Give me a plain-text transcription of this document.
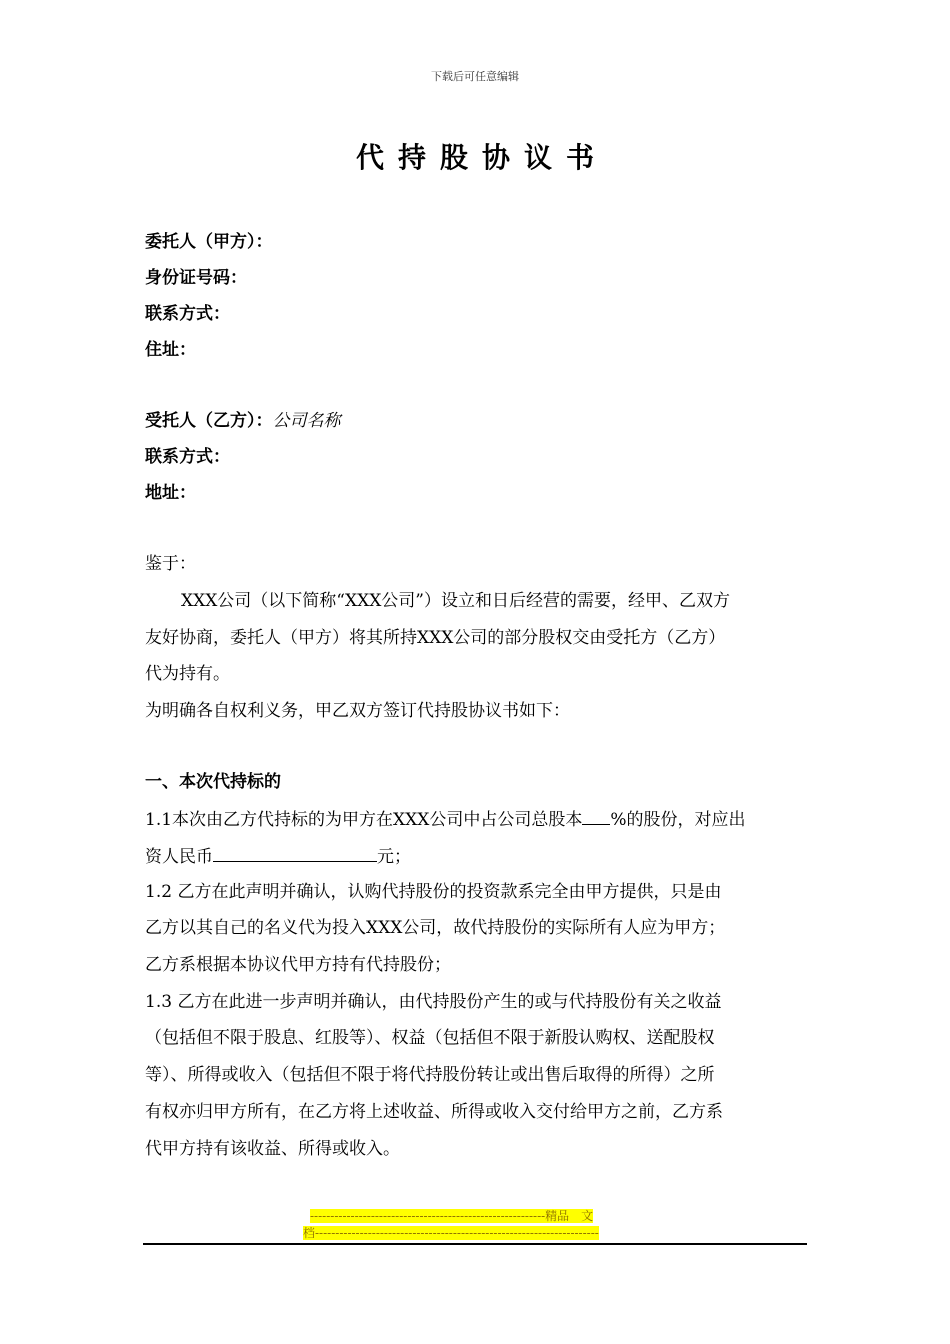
下载后可任意编辑
代持股协议书
委托人（甲方）：
身份证号码：
联系方式：
住址：
受托人（乙方）：公司名称
联系方式：
地址：
鉴于：
XXX公司（以下简称“XXX公司”）设立和日后经营的需要，经甲、乙双方
友好协商，委托人（甲方）将其所持XXX公司的部分股权交由受托方（乙方）
代为持有。
为明确各自权利义务，甲乙双方签订代持股协议书如下：
一、本次代持标的
1.1本次由乙方代持标的为甲方在XXX公司中占公司总股本 %的股份，对应出
资人民币	元；
1.2 乙方在此声明并确认，认购代持股份的投资款系完全由甲方提供，只是由
乙方以其自己的名义代为投入XXX公司，故代持股份的实际所有人应为甲方；
乙方系根据本协议代甲方持有代持股份；
1.3 乙方在此进一步声明并确认，由代持股份产生的或与代持股份有关之收益
（包括但不限于股息、红股等）、权益（包括但不限于新股认购权、送配股权
等）、所得或收入（包括但不限于将代持股份转让或出售后取得的所得）之所
有权亦归甲方所有，在乙方将上述收益、所得或收入交付给甲方之前，乙方系
代甲方持有该收益、所得或收入。
----------------------------------------------------------精品　文
档----------------------------------------------------------------------
